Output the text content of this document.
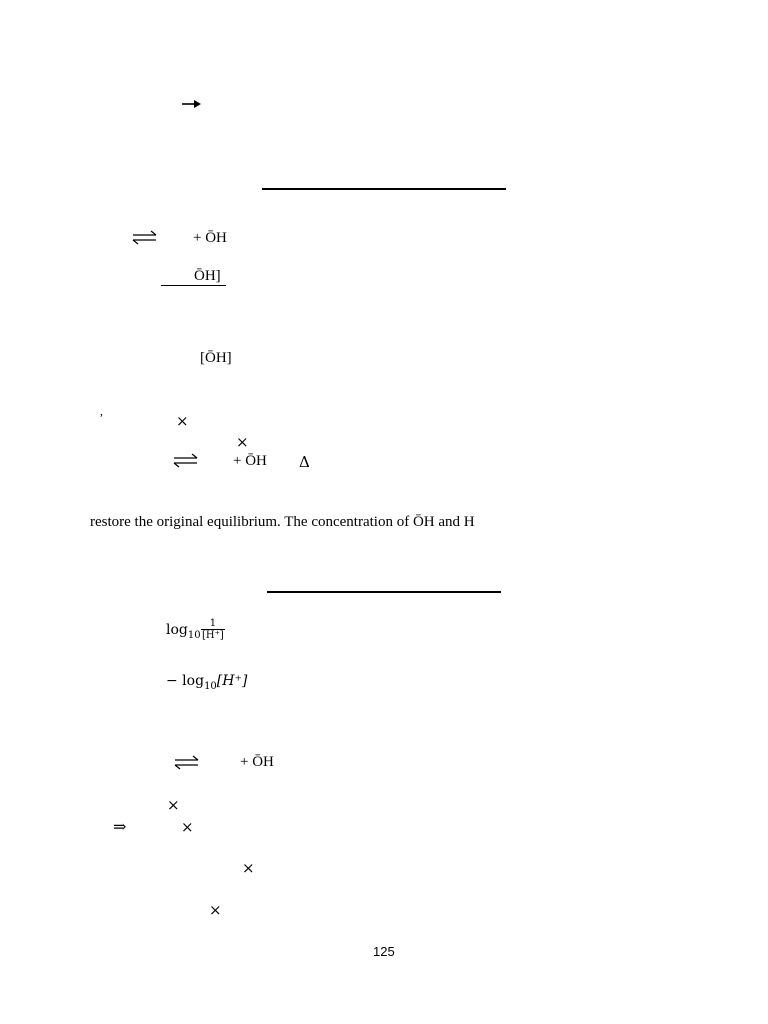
+ ŌH
ŌH]
[ŌH]
,
×
×
+ ŌH Δ
restore the original equilibrium. The concentration of ŌH and H
$\log_{10} \frac{1}{[H^+]}$
− $\log_{10}[H^+]$
+ ŌH
×
⇒	×
×
×
125
